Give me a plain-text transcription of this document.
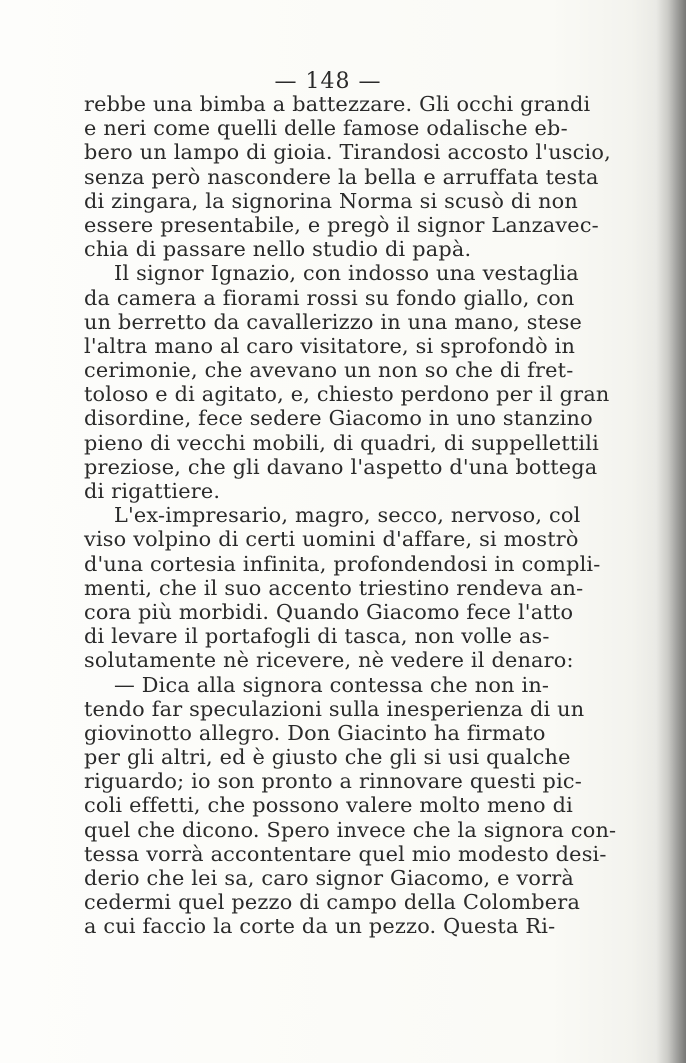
— 148 —
rebbe una bimba a battezzare. Gli occhi grandi
e neri come quelli delle famose odalische eb-
bero un lampo di gioia. Tirandosi accosto l'uscio,
senza però nascondere la bella e arruffata testa
di zingara, la signorina Norma si scusò di non
essere presentabile, e pregò il signor Lanzavec-
chia di passare nello studio di papà.
Il signor Ignazio, con indosso una vestaglia
da camera a fiorami rossi su fondo giallo, con
un berretto da cavallerizzo in una mano, stese
l'altra mano al caro visitatore, si sprofondò in
cerimonie, che avevano un non so che di fret-
toloso e di agitato, e, chiesto perdono per il gran
disordine, fece sedere Giacomo in uno stanzino
pieno di vecchi mobili, di quadri, di suppellettili
preziose, che gli davano l'aspetto d'una bottega
di rigattiere.
L'ex-impresario, magro, secco, nervoso, col
viso volpino di certi uomini d'affare, si mostrò
d'una cortesia infinita, profondendosi in compli-
menti, che il suo accento triestino rendeva an-
cora più morbidi. Quando Giacomo fece l'atto
di levare il portafogli di tasca, non volle as-
solutamente nè ricevere, nè vedere il denaro:
— Dica alla signora contessa che non in-
tendo far speculazioni sulla inesperienza di un
giovinotto allegro. Don Giacinto ha firmato
per gli altri, ed è giusto che gli si usi qualche
riguardo; io son pronto a rinnovare questi pic-
coli effetti, che possono valere molto meno di
quel che dicono. Spero invece che la signora con-
tessa vorrà accontentare quel mio modesto desi-
derio che lei sa, caro signor Giacomo, e vorrà
cedermi quel pezzo di campo della Colombera
a cui faccio la corte da un pezzo. Questa Ri-
